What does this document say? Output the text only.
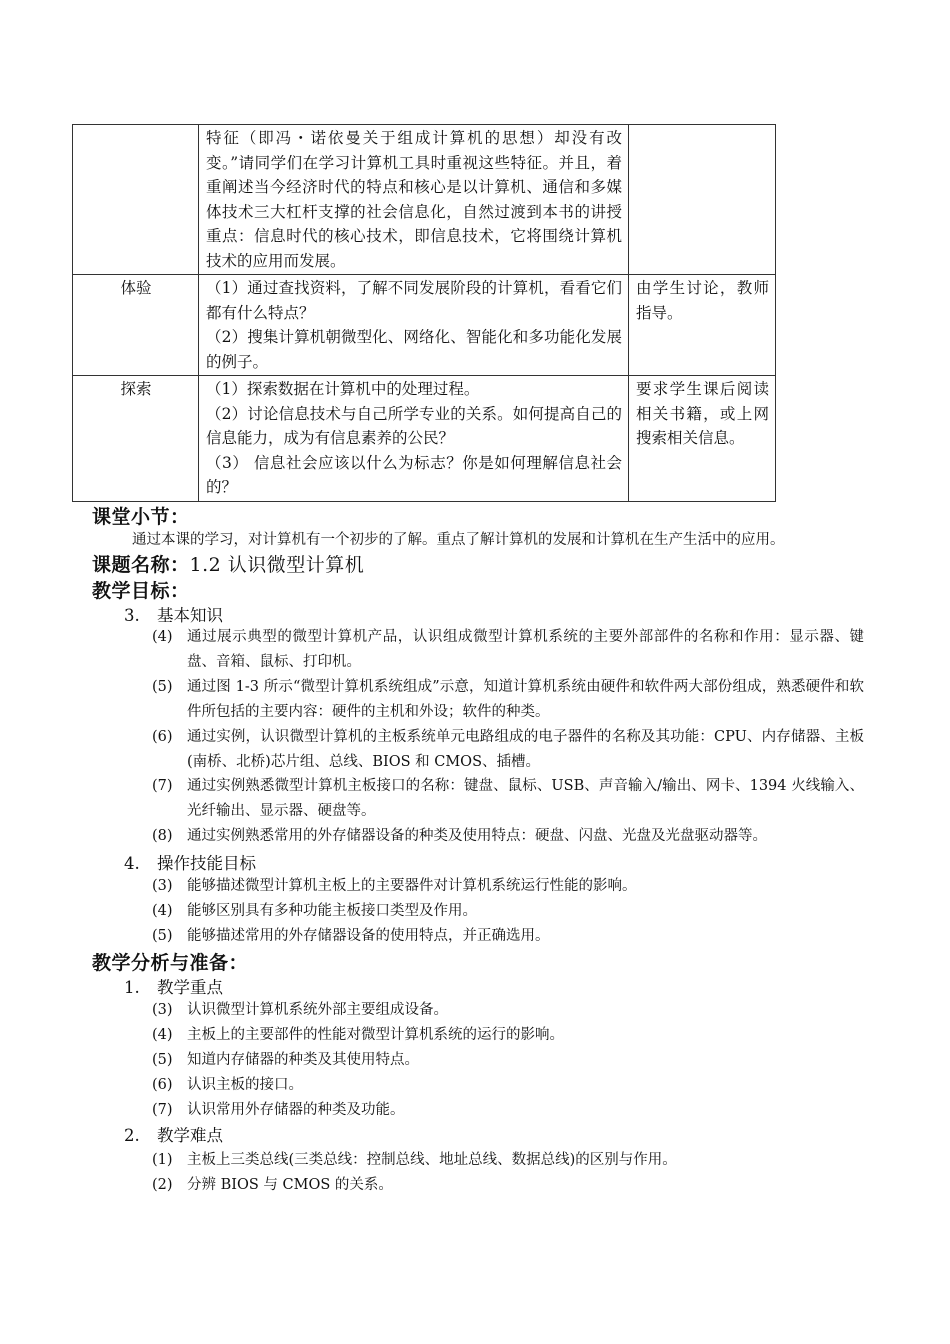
	特征（即冯・诺依曼关于组成计算机的思想）却没有改变。”请同学们在学习计算机工具时重视这些特征。并且，着重阐述当今经济时代的特点和核心是以计算机、通信和多媒体技术三大杠杆支撑的社会信息化，自然过渡到本书的讲授重点：信息时代的核心技术，即信息技术，它将围绕计算机技术的应用而发展。	

体验	（1）通过查找资料，了解不同发展阶段的计算机，看看它们都有什么特点？

（2）搜集计算机朝微型化、网络化、智能化和多功能化发展的例子。	由学生讨论，教师指导。

探索	（1）探索数据在计算机中的处理过程。

（2）讨论信息技术与自己所学专业的关系。如何提高自己的信息能力，成为有信息素养的公民？

（3） 信息社会应该以什么为标志？你是如何理解信息社会的？	要求学生课后阅读相关书籍，或上网搜索相关信息。

课堂小节：
通过本课的学习，对计算机有一个初步的了解。重点了解计算机的发展和计算机在生产生活中的应用。
课题名称：1.2 认识微型计算机
教学目标：
3. 基本知识
(4) 通过展示典型的微型计算机产品，认识组成微型计算机系统的主要外部部件的名称和作用：显示器、键盘、音箱、鼠标、打印机。
(5) 通过图 1-3 所示“微型计算机系统组成”示意，知道计算机系统由硬件和软件两大部份组成，熟悉硬件和软件所包括的主要内容：硬件的主机和外设；软件的种类。
(6) 通过实例，认识微型计算机的主板系统单元电路组成的电子器件的名称及其功能：CPU、内存储器、主板(南桥、北桥)芯片组、总线、BIOS 和 CMOS、插槽。
(7) 通过实例熟悉微型计算机主板接口的名称：键盘、鼠标、USB、声音输入/输出、网卡、1394 火线输入、光纤输出、显示器、硬盘等。
(8) 通过实例熟悉常用的外存储器设备的种类及使用特点：硬盘、闪盘、光盘及光盘驱动器等。
4. 操作技能目标
(3) 能够描述微型计算机主板上的主要器件对计算机系统运行性能的影响。
(4) 能够区别具有多种功能主板接口类型及作用。
(5) 能够描述常用的外存储器设备的使用特点，并正确选用。
教学分析与准备：
1. 教学重点
(3) 认识微型计算机系统外部主要组成设备。
(4) 主板上的主要部件的性能对微型计算机系统的运行的影响。
(5) 知道内存储器的种类及其使用特点。
(6) 认识主板的接口。
(7) 认识常用外存储器的种类及功能。
2. 教学难点
(1) 主板上三类总线(三类总线：控制总线、地址总线、数据总线)的区别与作用。
(2) 分辨 BIOS 与 CMOS 的关系。
